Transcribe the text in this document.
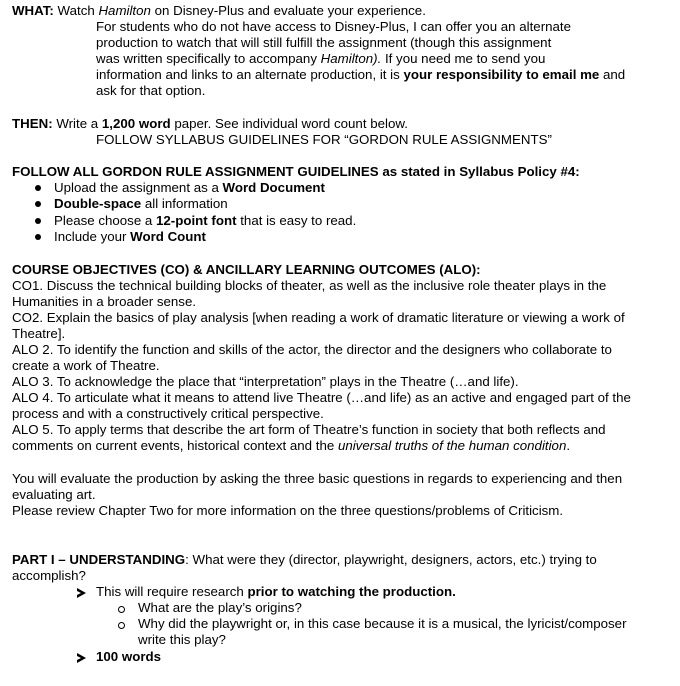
WHAT: Watch Hamilton on Disney-Plus and evaluate your experience.
For students who do not have access to Disney-Plus, I can offer you an alternate
production to watch that will still fulfill the assignment (though this assignment
was written specifically to accompany Hamilton). If you need me to send you
information and links to an alternate production, it is your responsibility to email me and
ask for that option.
THEN: Write a 1,200 word paper. See individual word count below.
FOLLOW SYLLABUS GUIDELINES FOR “GORDON RULE ASSIGNMENTS”
FOLLOW ALL GORDON RULE ASSIGNMENT GUIDELINES as stated in Syllabus Policy #4:
Upload the assignment as a Word Document
Double-space all information
Please choose a 12-point font that is easy to read.
Include your Word Count
COURSE OBJECTIVES (CO) & ANCILLARY LEARNING OUTCOMES (ALO):
CO1. Discuss the technical building blocks of theater, as well as the inclusive role theater plays in the
Humanities in a broader sense.
CO2. Explain the basics of play analysis [when reading a work of dramatic literature or viewing a work of
Theatre].
ALO 2. To identify the function and skills of the actor, the director and the designers who collaborate to
create a work of Theatre.
ALO 3. To acknowledge the place that “interpretation” plays in the Theatre (…and life).
ALO 4. To articulate what it means to attend live Theatre (…and life) as an active and engaged part of the
process and with a constructively critical perspective.
ALO 5. To apply terms that describe the art form of Theatre’s function in society that both reflects and
comments on current events, historical context and the universal truths of the human condition.
You will evaluate the production by asking the three basic questions in regards to experiencing and then
evaluating art.
Please review Chapter Two for more information on the three questions/problems of Criticism.
PART I – UNDERSTANDING: What were they (director, playwright, designers, actors, etc.) trying to
accomplish?
This will require research prior to watching the production.
What are the play’s origins?
Why did the playwright or, in this case because it is a musical, the lyricist/composer
write this play?
100 words
